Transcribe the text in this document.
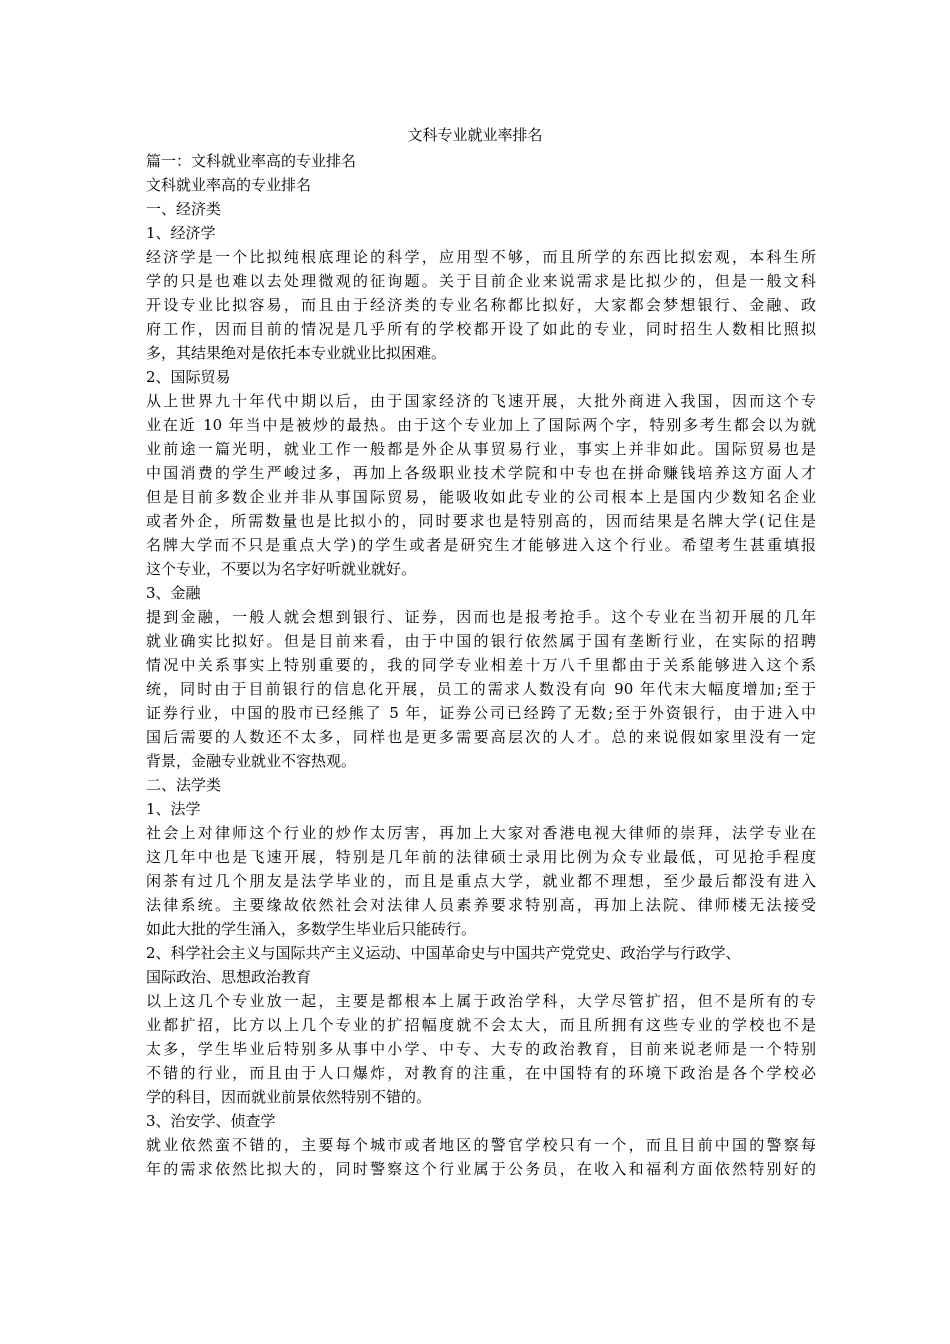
文科专业就业率排名
篇一：文科就业率高的专业排名
文科就业率高的专业排名
一、经济类
1、经济学
经济学是一个比拟纯根底理论的科学，应用型不够，而且所学的东西比拟宏观，本科生所
学的只是也难以去处理微观的征询题。关于目前企业来说需求是比拟少的，但是一般文科
开设专业比拟容易，而且由于经济类的专业名称都比拟好，大家都会梦想银行、金融、政
府工作，因而目前的情况是几乎所有的学校都开设了如此的专业，同时招生人数相比照拟
多，其结果绝对是依托本专业就业比拟困难。
2、国际贸易
从上世界九十年代中期以后，由于国家经济的飞速开展，大批外商进入我国，因而这个专
业在近 10 年当中是被炒的最热。由于这个专业加上了国际两个字，特别多考生都会以为就
业前途一篇光明，就业工作一般都是外企从事贸易行业，事实上并非如此。国际贸易也是
中国消费的学生严峻过多，再加上各级职业技术学院和中专也在拼命赚钱培养这方面人才
但是目前多数企业并非从事国际贸易，能吸收如此专业的公司根本上是国内少数知名企业
或者外企，所需数量也是比拟小的，同时要求也是特别高的，因而结果是名牌大学(记住是
名牌大学而不只是重点大学)的学生或者是研究生才能够进入这个行业。希望考生甚重填报
这个专业，不要以为名字好听就业就好。
3、金融
提到金融，一般人就会想到银行、证券，因而也是报考抢手。这个专业在当初开展的几年
就业确实比拟好。但是目前来看，由于中国的银行依然属于国有垄断行业，在实际的招聘
情况中关系事实上特别重要的，我的同学专业相差十万八千里都由于关系能够进入这个系
统，同时由于目前银行的信息化开展，员工的需求人数没有向 90 年代末大幅度增加;至于
证券行业，中国的股市已经熊了 5 年，证券公司已经跨了无数;至于外资银行，由于进入中
国后需要的人数还不太多，同样也是更多需要高层次的人才。总的来说假如家里没有一定
背景，金融专业就业不容热观。
二、法学类
1、法学
社会上对律师这个行业的炒作太厉害，再加上大家对香港电视大律师的崇拜，法学专业在
这几年中也是飞速开展，特别是几年前的法律硕士录用比例为众专业最低，可见抢手程度
闲茶有过几个朋友是法学毕业的，而且是重点大学，就业都不理想，至少最后都没有进入
法律系统。主要缘故依然社会对法律人员素养要求特别高，再加上法院、律师楼无法接受
如此大批的学生涌入，多数学生毕业后只能砖行。
2、科学社会主义与国际共产主义运动、中国革命史与中国共产党党史、政治学与行政学、
国际政治、思想政治教育
以上这几个专业放一起，主要是都根本上属于政治学科，大学尽管扩招，但不是所有的专
业都扩招，比方以上几个专业的扩招幅度就不会太大，而且所拥有这些专业的学校也不是
太多，学生毕业后特别多从事中小学、中专、大专的政治教育，目前来说老师是一个特别
不错的行业，而且由于人口爆炸，对教育的注重，在中国特有的环境下政治是各个学校必
学的科目，因而就业前景依然特别不错的。
3、治安学、侦查学
就业依然蛮不错的，主要每个城市或者地区的警官学校只有一个，而且目前中国的警察每
年的需求依然比拟大的，同时警察这个行业属于公务员，在收入和福利方面依然特别好的
